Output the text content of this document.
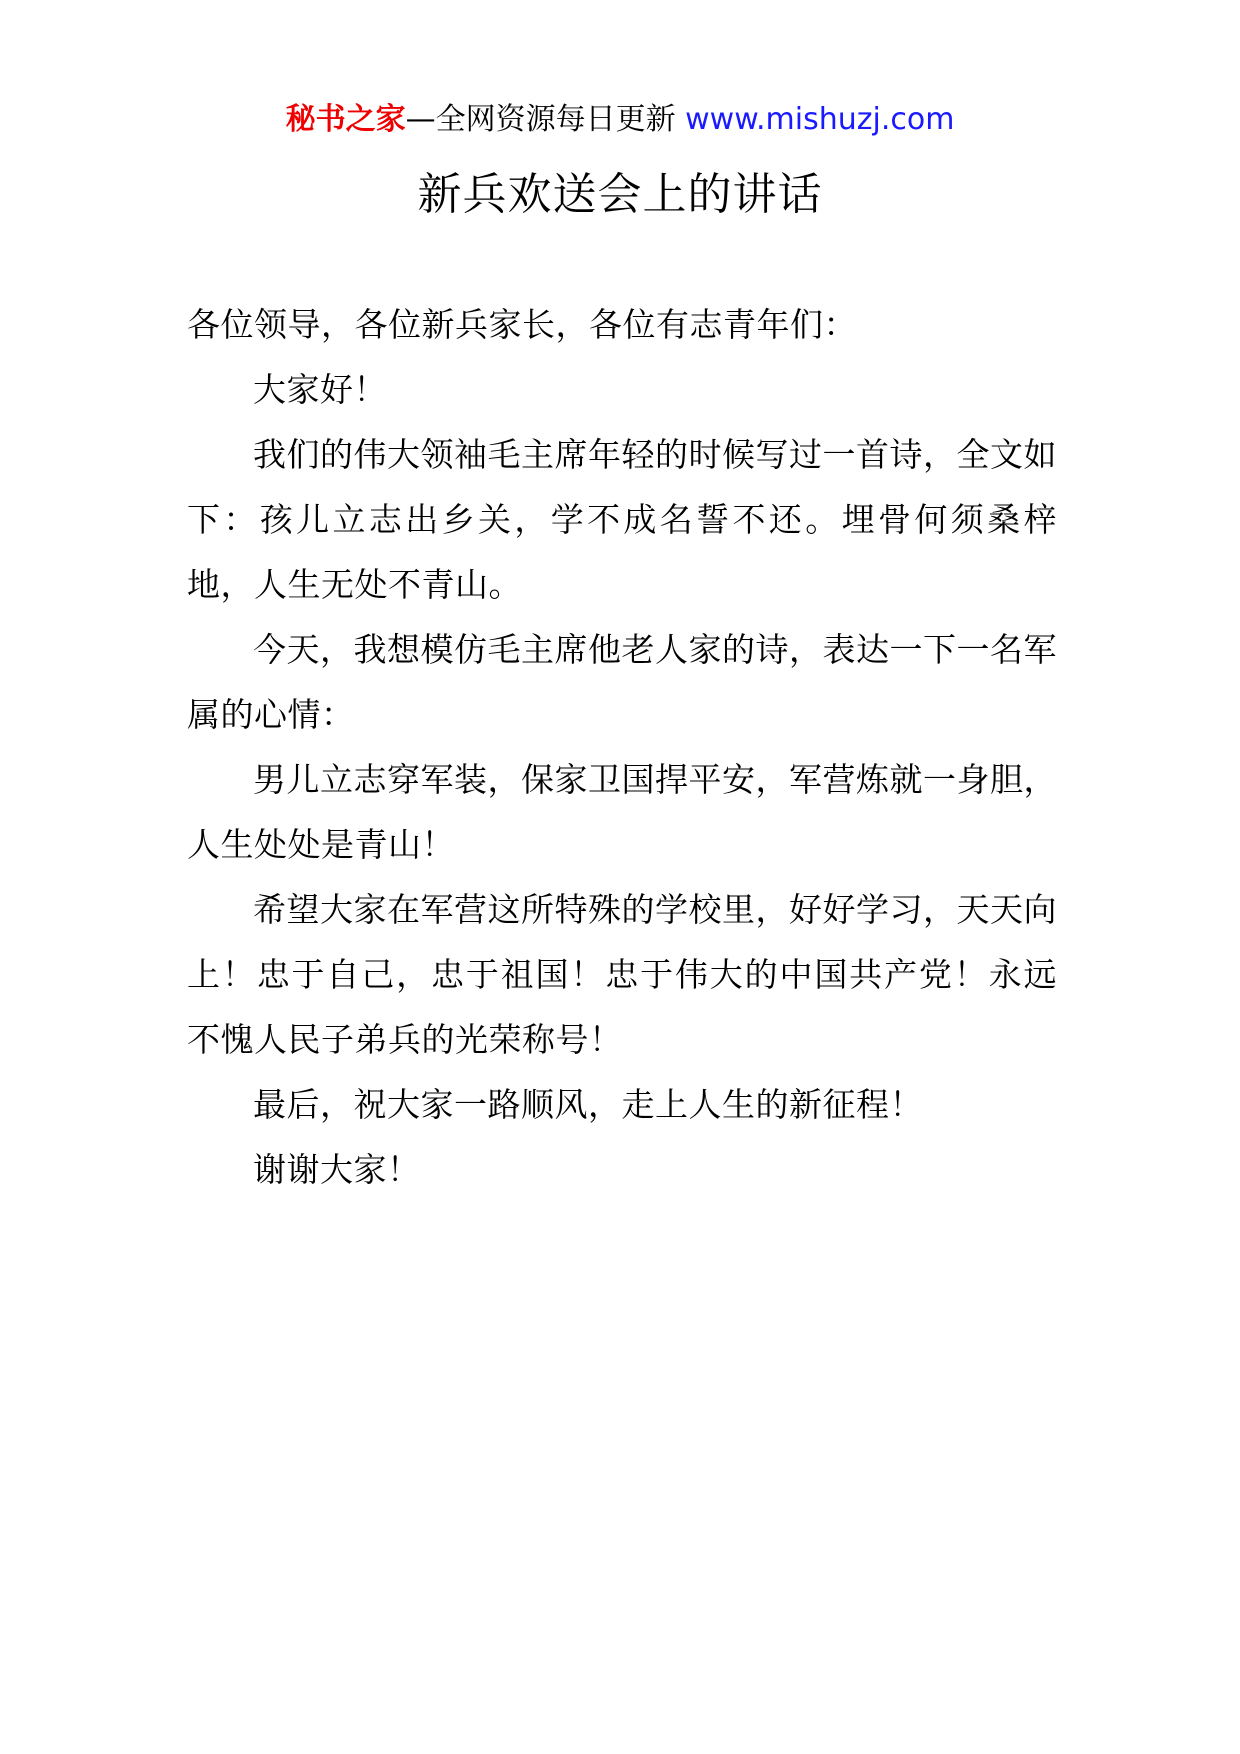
秘书之家—全网资源每日更新 www.mishuzj.com
新兵欢送会上的讲话

各位领导，各位新兵家长，各位有志青年们：

大家好！

我们的伟大领袖毛主席年轻的时候写过一首诗，全文如下：孩儿立志出乡关，学不成名誓不还。埋骨何须桑梓地，人生无处不青山。

今天，我想模仿毛主席他老人家的诗，表达一下一名军属的心情：

男儿立志穿军装，保家卫国捍平安，军营炼就一身胆，人生处处是青山！

希望大家在军营这所特殊的学校里，好好学习，天天向上！忠于自己，忠于祖国！忠于伟大的中国共产党！永远不愧人民子弟兵的光荣称号！

最后，祝大家一路顺风，走上人生的新征程！

谢谢大家！
